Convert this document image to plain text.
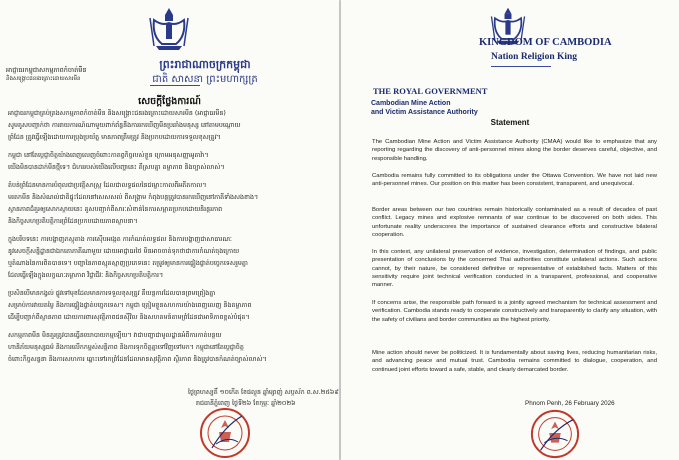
ព្រះរាជាណាចក្រកម្ពុជា
ជាតិ សាសនា ព្រះមហាក្សត្រ
អាជ្ញាធរកម្ពុជាសកម្មភាពកំចាត់មីន
និងសង្គ្រោះជនរងគ្រោះដោយសារមីន
សេចក្តីថ្លែងការណ៍
អាជ្ញាធរកម្ពុជាគ្រប់គ្រងសកម្មភាពកំចាត់មីន និងសង្គ្រោះជនរងគ្រោះដោយសារមីន (អាជ្ញាធរមីន)
សូមគូសបញ្ជាក់ថា ការរាយការណ៍ណាមួយពាក់ព័ន្ធនឹងការរកឃើញមីនប្រឆាំងមនុស្ស នៅតាមបណ្តោយ
ព្រំដែន ត្រូវធ្វើឡើងដោយការប្រុងប្រយ័ត្ន មានភាពត្រឹមត្រូវ និងប្រកបដោយការទទួលខុសត្រូវ។
កម្ពុជា នៅតែប្តេជ្ញាចិត្តយ៉ាងពេញលេញចំពោះកាតព្វកិច្ចរបស់ខ្លួន ក្រោមអនុសញ្ញាអូតាវ៉ា។
យើងមិនបានដាក់មីនថ្មីទេ។ ជំហររបស់យើងលើបញ្ហានេះ គឺស្របគ្នា តម្លាភាព និងច្បាស់លាស់។
តំបន់ព្រំដែនមានការបំពុលជាប្រវត្តិសាស្ត្រ ដែលជាលទ្ធផលនៃជម្លោះកាលពីអតីតកាល។
មរតកមីន និងសំណល់ជាតិផ្ទុះដែលនៅសេសសល់ ពីសង្គ្រាម កំពុងបន្តត្រូវបានរកឃើញនៅភាគីទាំងសងខាង។
ស្ថានភាពដ៏គួរឲ្យសោកស្តាយនេះ គូសបញ្ជាក់ពីសារៈសំខាន់នៃការសម្អាតប្រកបដោយនិរន្តរភាព
និងកិច្ចសហប្រតិបត្តិការព្រំដែនប្រកបដោយភាពស្ថាបនា។
ក្នុងបរិបទនេះ ការបង្ហាញភស្តុតាង ការស៊ើបអង្កេត ការកំណត់លទ្ធផល និងការបង្ហាញជាសាធារណៈ
នូវសេចក្តីសន្និដ្ឋានជាឯកតោភាគីណាមួយ ដោយអាជ្ញាធរថៃ មិនអាចចាត់ទុកថាជាការកំណត់ចុងក្រោយ
ឬតំណាងនៃការពិតបានទេ។ បញ្ហានៃភាពស្មុគស្មាញប្រភេទនេះ តម្រូវឲ្យមានការផ្ទៀងផ្ទាត់បច្ចេកទេសរួមគ្នា
ដែលធ្វើឡើងក្នុងលក្ខណៈតម្លាភាព វិជ្ជាជីវៈ និងកិច្ចសហប្រតិបត្តិការ។
ប្រសិនបើមានកង្វល់ ផ្លូវទៅមុខដែលមានការទទួលខុសត្រូវ គឺយន្តការដែលបានព្រមព្រៀងគ្នា
សម្រាប់ការវាយតម្លៃ និងការផ្ទៀងផ្ទាត់បច្ចេកទេស។ កម្ពុជា ត្រៀមខ្លួនសហការយ៉ាងពេញលេញ និងតម្លាភាព
ដើម្បីបញ្ជាក់ពីស្ថានភាព ដោយការពារសុវត្ថិភាពជនស៊ីវិល និងសហគមន៍តាមព្រំដែនជាអាទិភាពខ្ពស់បំផុត។
សកម្មភាពមីន មិនគួរត្រូវបានធ្វើនយោបាយកម្មឡើយ។ វាជាបញ្ហាជាមូលដ្ឋានអំពីការកាត់បន្ថយ
ហានិភ័យមនុស្សធម៌ និងការលើកកម្ពស់សន្តិភាព និងការទុកចិត្តគ្នាទៅវិញទៅមក។ កម្ពុជានៅតែប្តេជ្ញាចិត្ត
ចំពោះកិច្ចសន្ទនា និងការសហការ ឆ្ពោះទៅរកព្រំដែនដែលមានសុវត្ថិភាព ស្ថិរភាព និងត្រូវបានកំណត់ច្បាស់លាស់។
ថ្ងៃព្រហស្បតិ៍ ១០កើត ខែផល្គុន ឆ្នាំម្សាញ់ សប្តស័ក ព.ស.២៥៦៩
រាជធានីភ្នំពេញ ថ្ងៃទី២៦ ខែកុម្ភៈ ឆ្នាំ២០២៦
KINGDOM OF CAMBODIA
Nation Religion King
THE ROYAL GOVERNMENT
Cambodian Mine Action
and Victim Assistance Authority
Statement

The Cambodian Mine Action and Victim Assistance Authority (CMAA) would like to emphasize that any reporting regarding the discovery of anti-personnel mines along the border deserves careful, objective, and responsible handling.

Cambodia remains fully committed to its obligations under the Ottawa Convention. We have not laid new anti-personnel mines. Our position on this matter has been consistent, transparent, and unequivocal.

Border areas between our two countries remain historically contaminated as a result of decades of past conflict. Legacy mines and explosive remnants of war continue to be discovered on both sides. This unfortunate reality underscores the importance of sustained clearance efforts and constructive bilateral cooperation.

In this context, any unilateral preservation of evidence, investigation, determination of findings, and public presentation of conclusions by the concerned Thai authorities constitute unilateral actions. Such actions cannot, by their nature, be considered definitive or representative of established facts. Matters of this sensitivity require joint technical verification conducted in a transparent, professional, and cooperative manner.

If concerns arise, the responsible path forward is a jointly agreed mechanism for technical assessment and verification. Cambodia stands ready to cooperate constructively and transparently to clarify any situation, with the safety of civilians and border communities as the highest priority.

Mine action should never be politicized. It is fundamentally about saving lives, reducing humanitarian risks, and advancing peace and mutual trust. Cambodia remains committed to dialogue, cooperation, and continued joint efforts toward a safe, stable, and clearly demarcated border.

Phnom Penh, 26 February 2026
